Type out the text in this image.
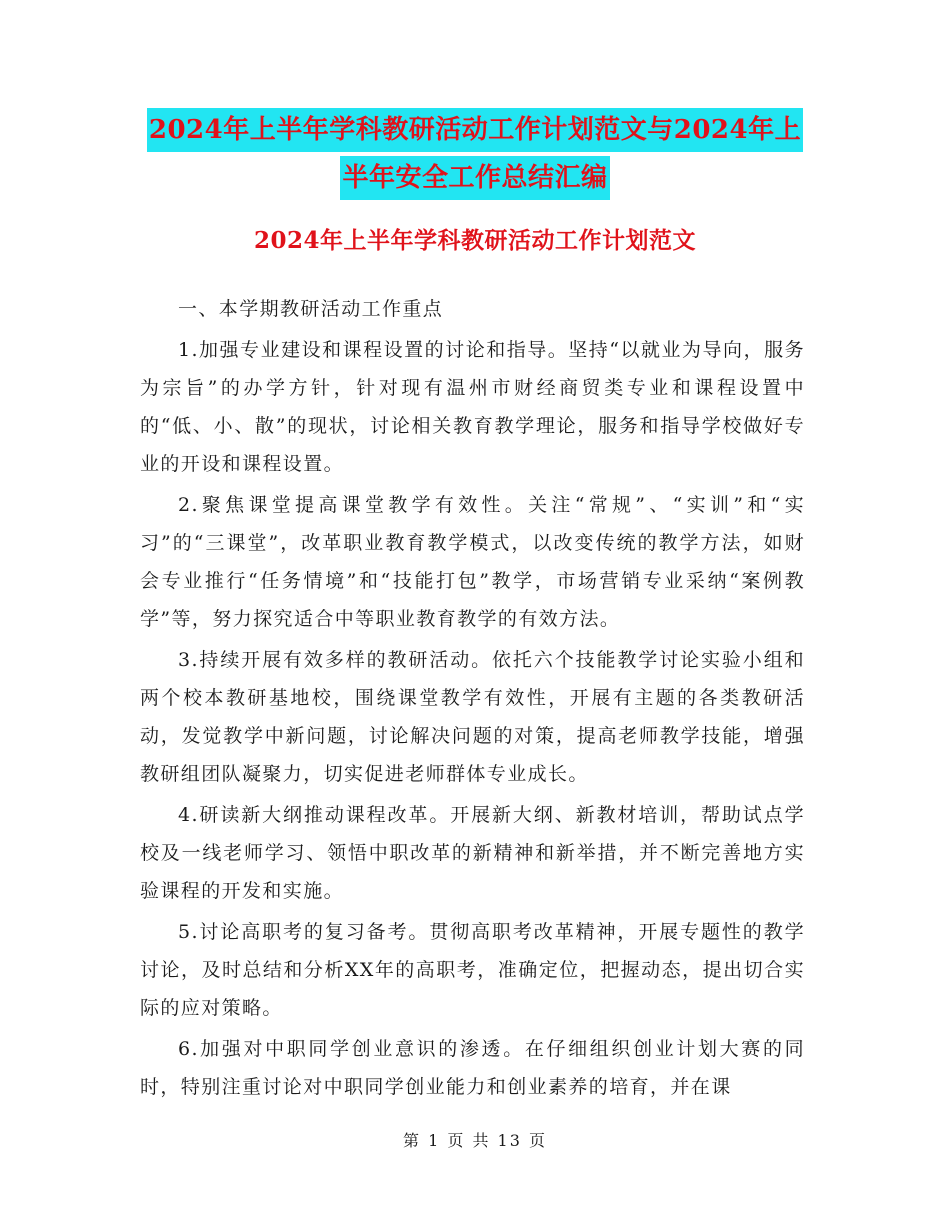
2024年上半年学科教研活动工作计划范文与2024年上
半年安全工作总结汇编
2024年上半年学科教研活动工作计划范文

一、本学期教研活动工作重点

1.加强专业建设和课程设置的讨论和指导。坚持“以就业为导向，服务为宗旨”的办学方针，针对现有温州市财经商贸类专业和课程设置中的“低、小、散”的现状，讨论相关教育教学理论，服务和指导学校做好专业的开设和课程设置。

2.聚焦课堂提高课堂教学有效性。关注“常规”、“实训”和“实习”的“三课堂”，改革职业教育教学模式，以改变传统的教学方法，如财会专业推行“任务情境”和“技能打包”教学，市场营销专业采纳“案例教学”等，努力探究适合中等职业教育教学的有效方法。

3.持续开展有效多样的教研活动。依托六个技能教学讨论实验小组和两个校本教研基地校，围绕课堂教学有效性，开展有主题的各类教研活动，发觉教学中新问题，讨论解决问题的对策，提高老师教学技能，增强教研组团队凝聚力，切实促进老师群体专业成长。

4.研读新大纲推动课程改革。开展新大纲、新教材培训，帮助试点学校及一线老师学习、领悟中职改革的新精神和新举措，并不断完善地方实验课程的开发和实施。

5.讨论高职考的复习备考。贯彻高职考改革精神，开展专题性的教学讨论，及时总结和分析XX年的高职考，准确定位，把握动态，提出切合实际的应对策略。

6.加强对中职同学创业意识的渗透。在仔细组织创业计划大赛的同时，特别注重讨论对中职同学创业能力和创业素养的培育，并在课

第 1 页 共 13 页
